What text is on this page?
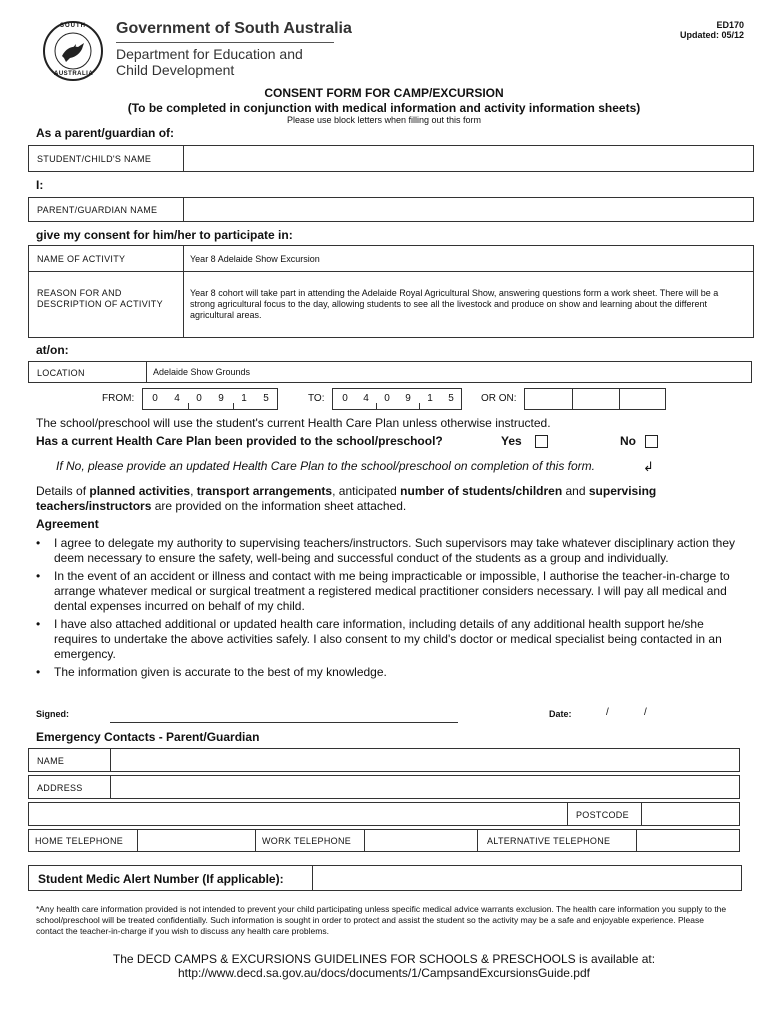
SOUTH
AUSTRALIA
Government of South Australia
Department for Education and
Child Development
ED170
Updated: 05/12
CONSENT FORM FOR CAMP/EXCURSION
(To be completed in conjunction with medical information and activity information sheets)
Please use block letters when filling out this form
As a parent/guardian of:
STUDENT/CHILD'S NAME
I:
PARENT/GUARDIAN NAME
give my consent for him/her to participate in:
NAME OF ACTIVITY	Year 8 Adelaide Show Excursion
REASON FOR AND
DESCRIPTION OF ACTIVITY
Year 8 cohort will take part in attending the Adelaide Royal Agricultural Show, answering questions form a work sheet. There will be a strong agricultural focus to the day, allowing students to see all the livestock and produce on show and learning about the different agricultural areas.
at/on:
LOCATION	Adelaide Show Grounds
FROM:	0	4	0	9	1	5	TO:	0	4	0	9	1	5	OR ON:
The school/preschool will use the student's current Health Care Plan unless otherwise instructed.
Has a current Health Care Plan been provided to the school/preschool?	Yes	No
If No, please provide an updated Health Care Plan to the school/preschool on completion of this form.	↲
Details of planned activities, transport arrangements, anticipated number of students/children and supervising teachers/instructors are provided on the information sheet attached.
Agreement
• I agree to delegate my authority to supervising teachers/instructors. Such supervisors may take whatever disciplinary action they deem necessary to ensure the safety, well-being and successful conduct of the students as a group and individually.
• In the event of an accident or illness and contact with me being impracticable or impossible, I authorise the teacher-in-charge to arrange whatever medical or surgical treatment a registered medical practitioner considers necessary. I will pay all medical and dental expenses incurred on behalf of my child.
• I have also attached additional or updated health care information, including details of any additional health support he/she requires to undertake the above activities safely. I also consent to my child's doctor or medical specialist being contacted in an emergency.
• The information given is accurate to the best of my knowledge.
Signed:	Date:	/	/
Emergency Contacts - Parent/Guardian
NAME
ADDRESS
POSTCODE
HOME TELEPHONE	WORK TELEPHONE	ALTERNATIVE TELEPHONE
Student Medic Alert Number (If applicable):
*Any health care information provided is not intended to prevent your child participating unless specific medical advice warrants exclusion. The health care information you supply to the school/preschool will be treated confidentially. Such information is sought in order to protect and assist the student so the activity may be a safe and enjoyable experience. Please contact the teacher-in-charge if you wish to discuss any health care problems.
The DECD CAMPS & EXCURSIONS GUIDELINES FOR SCHOOLS & PRESCHOOLS is available at:
http://www.decd.sa.gov.au/docs/documents/1/CampsandExcursionsGuide.pdf
